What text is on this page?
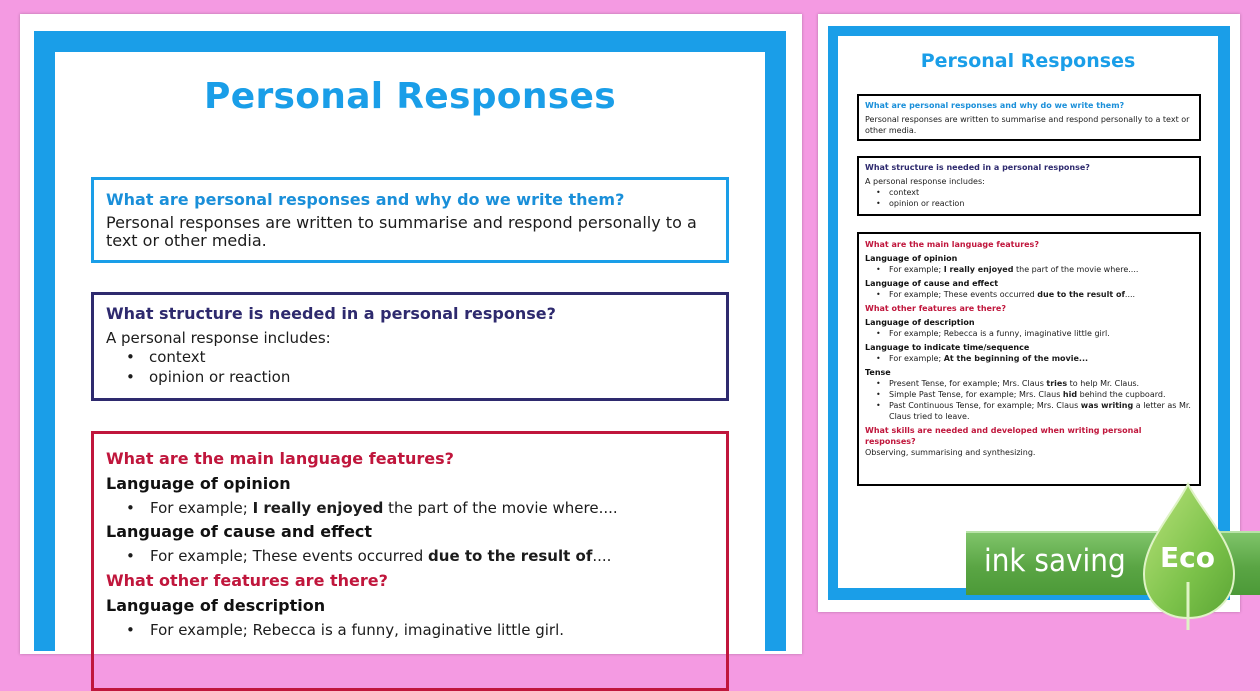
Personal Responses
What are personal responses and why do we write them?
Personal responses are written to summarise and respond personally to a text or other media.
What structure is needed in a personal response?
A personal response includes:
• context
• opinion or reaction
What are the main language features?
Language of opinion
• For example; I really enjoyed the part of the movie where....
Language of cause and effect
• For example; These events occurred due to the result of....
What other features are there?
Language of description
• For example; Rebecca is a funny, imaginative little girl.
Personal Responses
What are personal responses and why do we write them?
Personal responses are written to summarise and respond personally to a text or other media.
What structure is needed in a personal response?
A personal response includes:
• context
• opinion or reaction
What are the main language features?
Language of opinion
• For example; I really enjoyed the part of the movie where....
Language of cause and effect
• For example; These events occurred due to the result of....
What other features are there?
Language of description
• For example; Rebecca is a funny, imaginative little girl.
Language to indicate time/sequence
• For example; At the beginning of the movie...
Tense
• Present Tense, for example; Mrs. Claus tries to help Mr. Claus.
• Simple Past Tense, for example; Mrs. Claus hid behind the cupboard.
• Past Continuous Tense, for example; Mrs. Claus was writing a letter as Mr. Claus tried to leave.
What skills are needed and developed when writing personal responses?
Observing, summarising and synthesizing.
ink saving Eco
